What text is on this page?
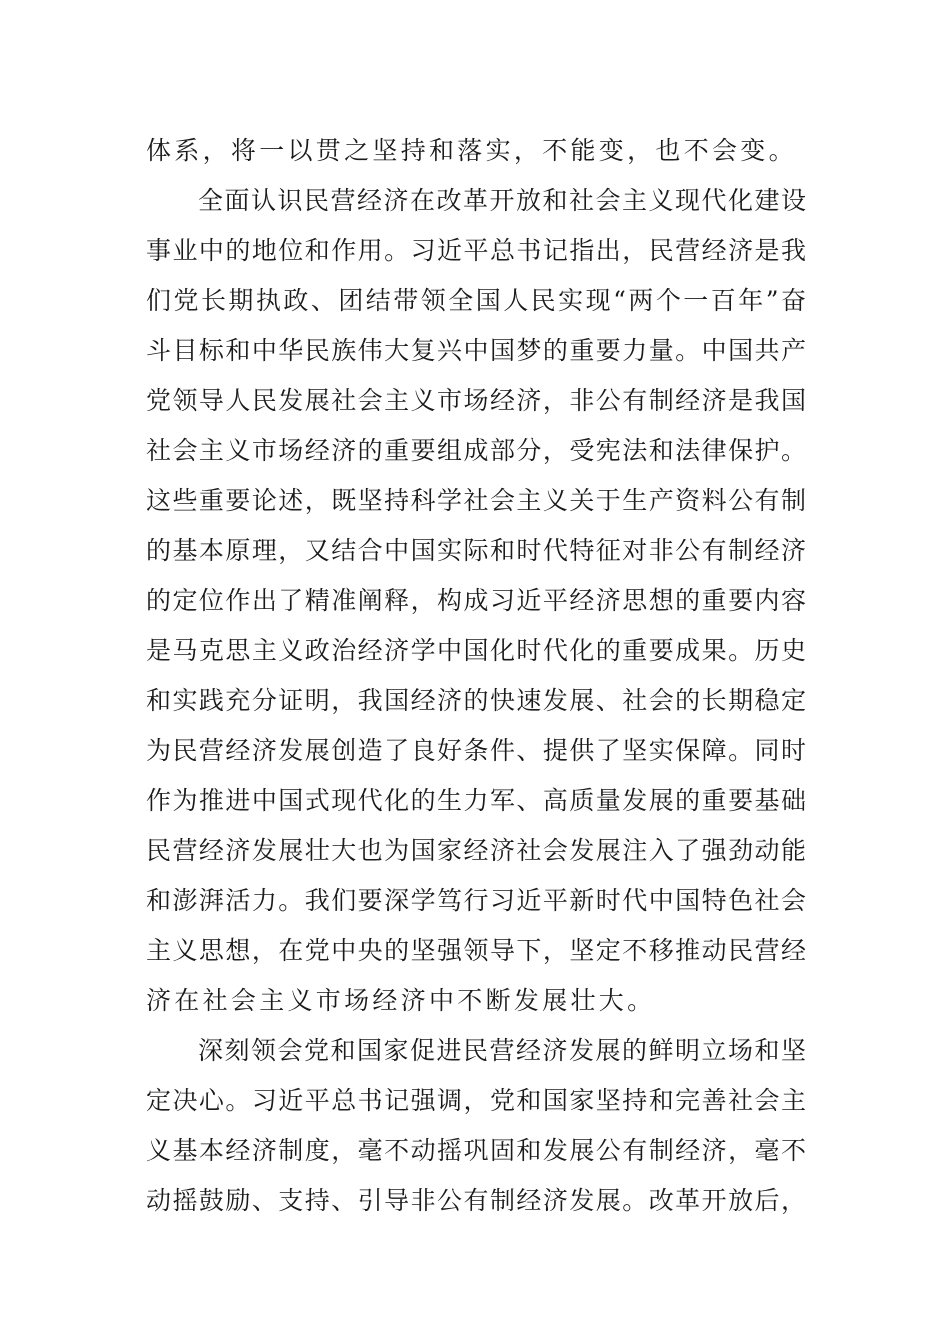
体系，将一以贯之坚持和落实，不能变，也不会变。
全面认识民营经济在改革开放和社会主义现代化建设
事业中的地位和作用。习近平总书记指出，民营经济是我
们党长期执政、团结带领全国人民实现“两个一百年”奋
斗目标和中华民族伟大复兴中国梦的重要力量。中国共产
党领导人民发展社会主义市场经济，非公有制经济是我国
社会主义市场经济的重要组成部分，受宪法和法律保护。
这些重要论述，既坚持科学社会主义关于生产资料公有制
的基本原理，又结合中国实际和时代特征对非公有制经济
的定位作出了精准阐释，构成习近平经济思想的重要内容
是马克思主义政治经济学中国化时代化的重要成果。历史
和实践充分证明，我国经济的快速发展、社会的长期稳定
为民营经济发展创造了良好条件、提供了坚实保障。同时
作为推进中国式现代化的生力军、高质量发展的重要基础
民营经济发展壮大也为国家经济社会发展注入了强劲动能
和澎湃活力。我们要深学笃行习近平新时代中国特色社会
主义思想，在党中央的坚强领导下，坚定不移推动民营经
济在社会主义市场经济中不断发展壮大。
深刻领会党和国家促进民营经济发展的鲜明立场和坚
定决心。习近平总书记强调，党和国家坚持和完善社会主
义基本经济制度，毫不动摇巩固和发展公有制经济，毫不
动摇鼓励、支持、引导非公有制经济发展。改革开放后，
